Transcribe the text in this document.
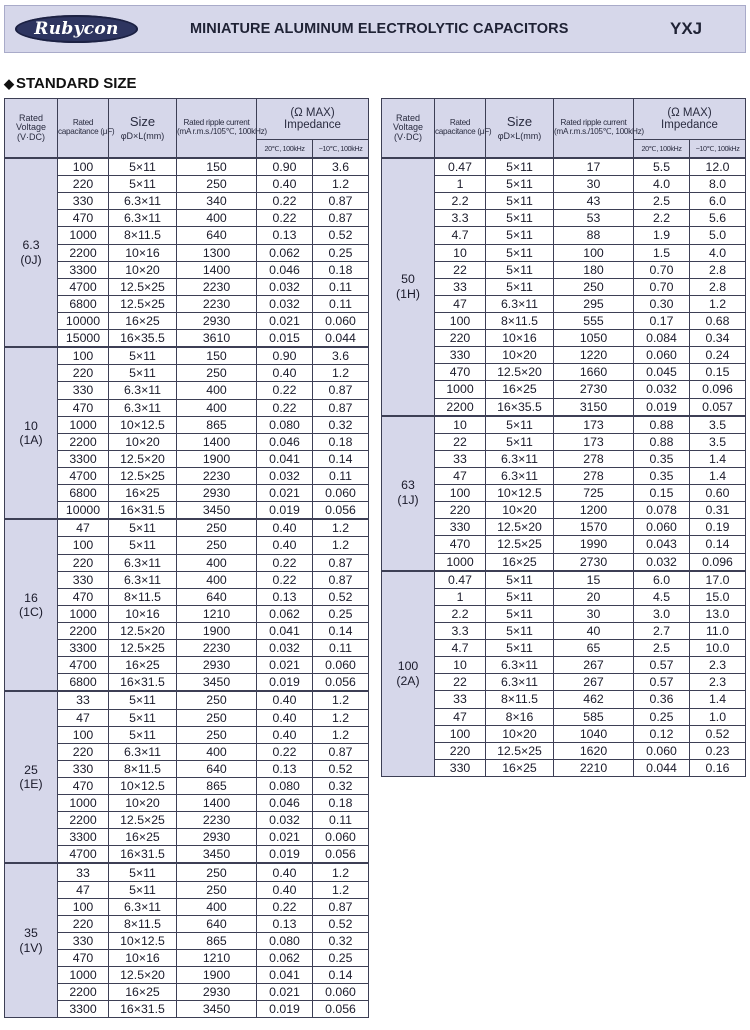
Rubycon	MINIATURE ALUMINUM ELECTROLYTIC CAPACITORS	YXJ
◆ STANDARD SIZE
Rated
Voltage
(V·DC)	Rated
capacitance (μF)	Size
φD×L(mm)	Rated ripple current
(mA r.m.s./105℃, 100kHz)	(Ω MAX)
Impedance	
				20℃, 100kHz	−10℃, 100kHz
6.3
(0J)	100	5×11	150	0.90	3.6
	220	5×11	250	0.40	1.2
	330	6.3×11	340	0.22	0.87
	470	6.3×11	400	0.22	0.87
	1000	8×11.5	640	0.13	0.52
	2200	10×16	1300	0.062	0.25
	3300	10×20	1400	0.046	0.18
	4700	12.5×25	2230	0.032	0.11
	6800	12.5×25	2230	0.032	0.11
	10000	16×25	2930	0.021	0.060
	15000	16×35.5	3610	0.015	0.044
10
(1A)	100	5×11	150	0.90	3.6
	220	5×11	250	0.40	1.2
	330	6.3×11	400	0.22	0.87
	470	6.3×11	400	0.22	0.87
	1000	10×12.5	865	0.080	0.32
	2200	10×20	1400	0.046	0.18
	3300	12.5×20	1900	0.041	0.14
	4700	12.5×25	2230	0.032	0.11
	6800	16×25	2930	0.021	0.060
	10000	16×31.5	3450	0.019	0.056
16
(1C)	47	5×11	250	0.40	1.2
	100	5×11	250	0.40	1.2
	220	6.3×11	400	0.22	0.87
	330	6.3×11	400	0.22	0.87
	470	8×11.5	640	0.13	0.52
	1000	10×16	1210	0.062	0.25
	2200	12.5×20	1900	0.041	0.14
	3300	12.5×25	2230	0.032	0.11
	4700	16×25	2930	0.021	0.060
	6800	16×31.5	3450	0.019	0.056
25
(1E)	33	5×11	250	0.40	1.2
	47	5×11	250	0.40	1.2
	100	5×11	250	0.40	1.2
	220	6.3×11	400	0.22	0.87
	330	8×11.5	640	0.13	0.52
	470	10×12.5	865	0.080	0.32
	1000	10×20	1400	0.046	0.18
	2200	12.5×25	2230	0.032	0.11
	3300	16×25	2930	0.021	0.060
	4700	16×31.5	3450	0.019	0.056
35
(1V)	33	5×11	250	0.40	1.2
	47	5×11	250	0.40	1.2
	100	6.3×11	400	0.22	0.87
	220	8×11.5	640	0.13	0.52
	330	10×12.5	865	0.080	0.32
	470	10×16	1210	0.062	0.25
	1000	12.5×20	1900	0.041	0.14
	2200	16×25	2930	0.021	0.060
	3300	16×31.5	3450	0.019	0.056
Rated
Voltage
(V·DC)	Rated
capacitance (μF)	Size
φD×L(mm)	Rated ripple current
(mA r.m.s./105℃, 100kHz)	(Ω MAX)
Impedance	
				20℃, 100kHz	−10℃, 100kHz
50
(1H)	0.47	5×11	17	5.5	12.0
	1	5×11	30	4.0	8.0
	2.2	5×11	43	2.5	6.0
	3.3	5×11	53	2.2	5.6
	4.7	5×11	88	1.9	5.0
	10	5×11	100	1.5	4.0
	22	5×11	180	0.70	2.8
	33	5×11	250	0.70	2.8
	47	6.3×11	295	0.30	1.2
	100	8×11.5	555	0.17	0.68
	220	10×16	1050	0.084	0.34
	330	10×20	1220	0.060	0.24
	470	12.5×20	1660	0.045	0.15
	1000	16×25	2730	0.032	0.096
	2200	16×35.5	3150	0.019	0.057
63
(1J)	10	5×11	173	0.88	3.5
	22	5×11	173	0.88	3.5
	33	6.3×11	278	0.35	1.4
	47	6.3×11	278	0.35	1.4
	100	10×12.5	725	0.15	0.60
	220	10×20	1200	0.078	0.31
	330	12.5×20	1570	0.060	0.19
	470	12.5×25	1990	0.043	0.14
	1000	16×25	2730	0.032	0.096
100
(2A)	0.47	5×11	15	6.0	17.0
	1	5×11	20	4.5	15.0
	2.2	5×11	30	3.0	13.0
	3.3	5×11	40	2.7	11.0
	4.7	5×11	65	2.5	10.0
	10	6.3×11	267	0.57	2.3
	22	6.3×11	267	0.57	2.3
	33	8×11.5	462	0.36	1.4
	47	8×16	585	0.25	1.0
	100	10×20	1040	0.12	0.52
	220	12.5×25	1620	0.060	0.23
	330	16×25	2210	0.044	0.16
